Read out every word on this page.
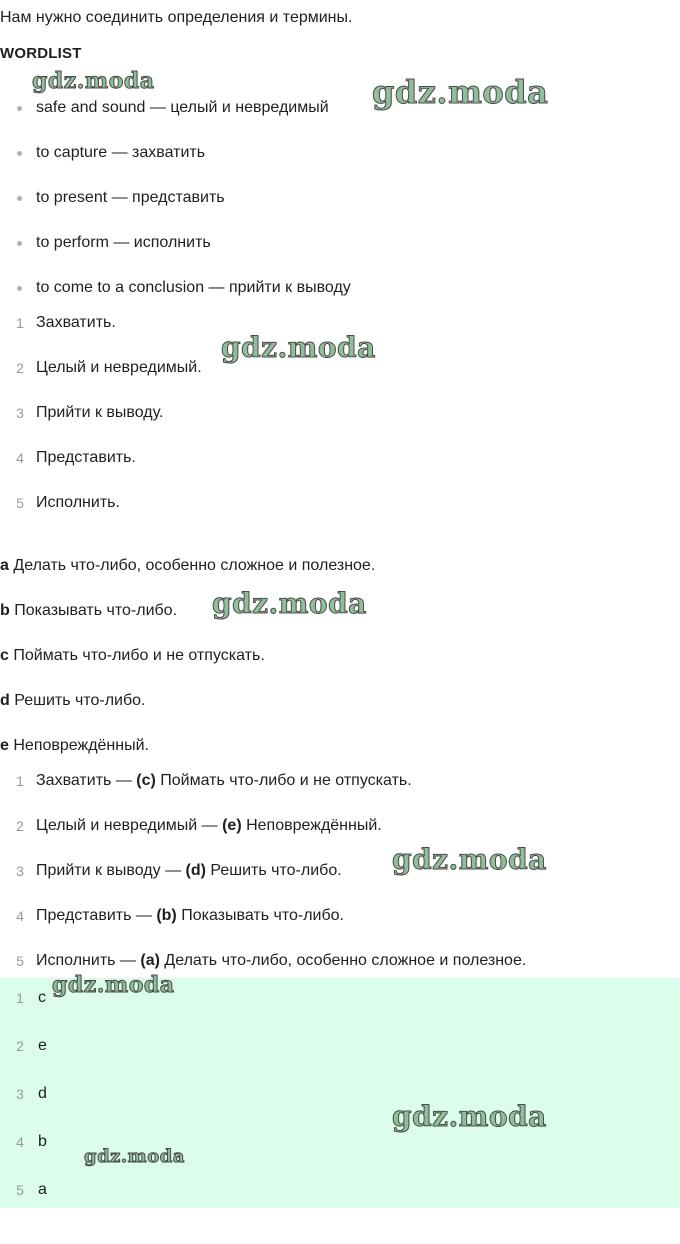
Нам нужно соединить определения и термины.
WORDLIST
safe and sound — целый и невредимый
to capture — захватить
to present — представить
to perform — исполнить
to come to a conclusion — прийти к выводу
1 Захватить.
2 Целый и невредимый.
3 Прийти к выводу.
4 Представить.
5 Исполнить.
a Делать что-либо, особенно сложное и полезное.
b Показывать что-либо.
c Поймать что-либо и не отпускать.
d Решить что-либо.
e Неповреждённый.
1 Захватить — (c) Поймать что-либо и не отпускать.
2 Целый и невредимый — (e) Неповреждённый.
3 Прийти к выводу — (d) Решить что-либо.
4 Представить — (b) Показывать что-либо.
5 Исполнить — (a) Делать что-либо, особенно сложное и полезное.
1 c
2 e
3 d
4 b
5 a
gdz.moda	gdz.moda
gdz.moda
gdz.moda
gdz.moda
gdz.moda
gdz.moda
gdz.moda
